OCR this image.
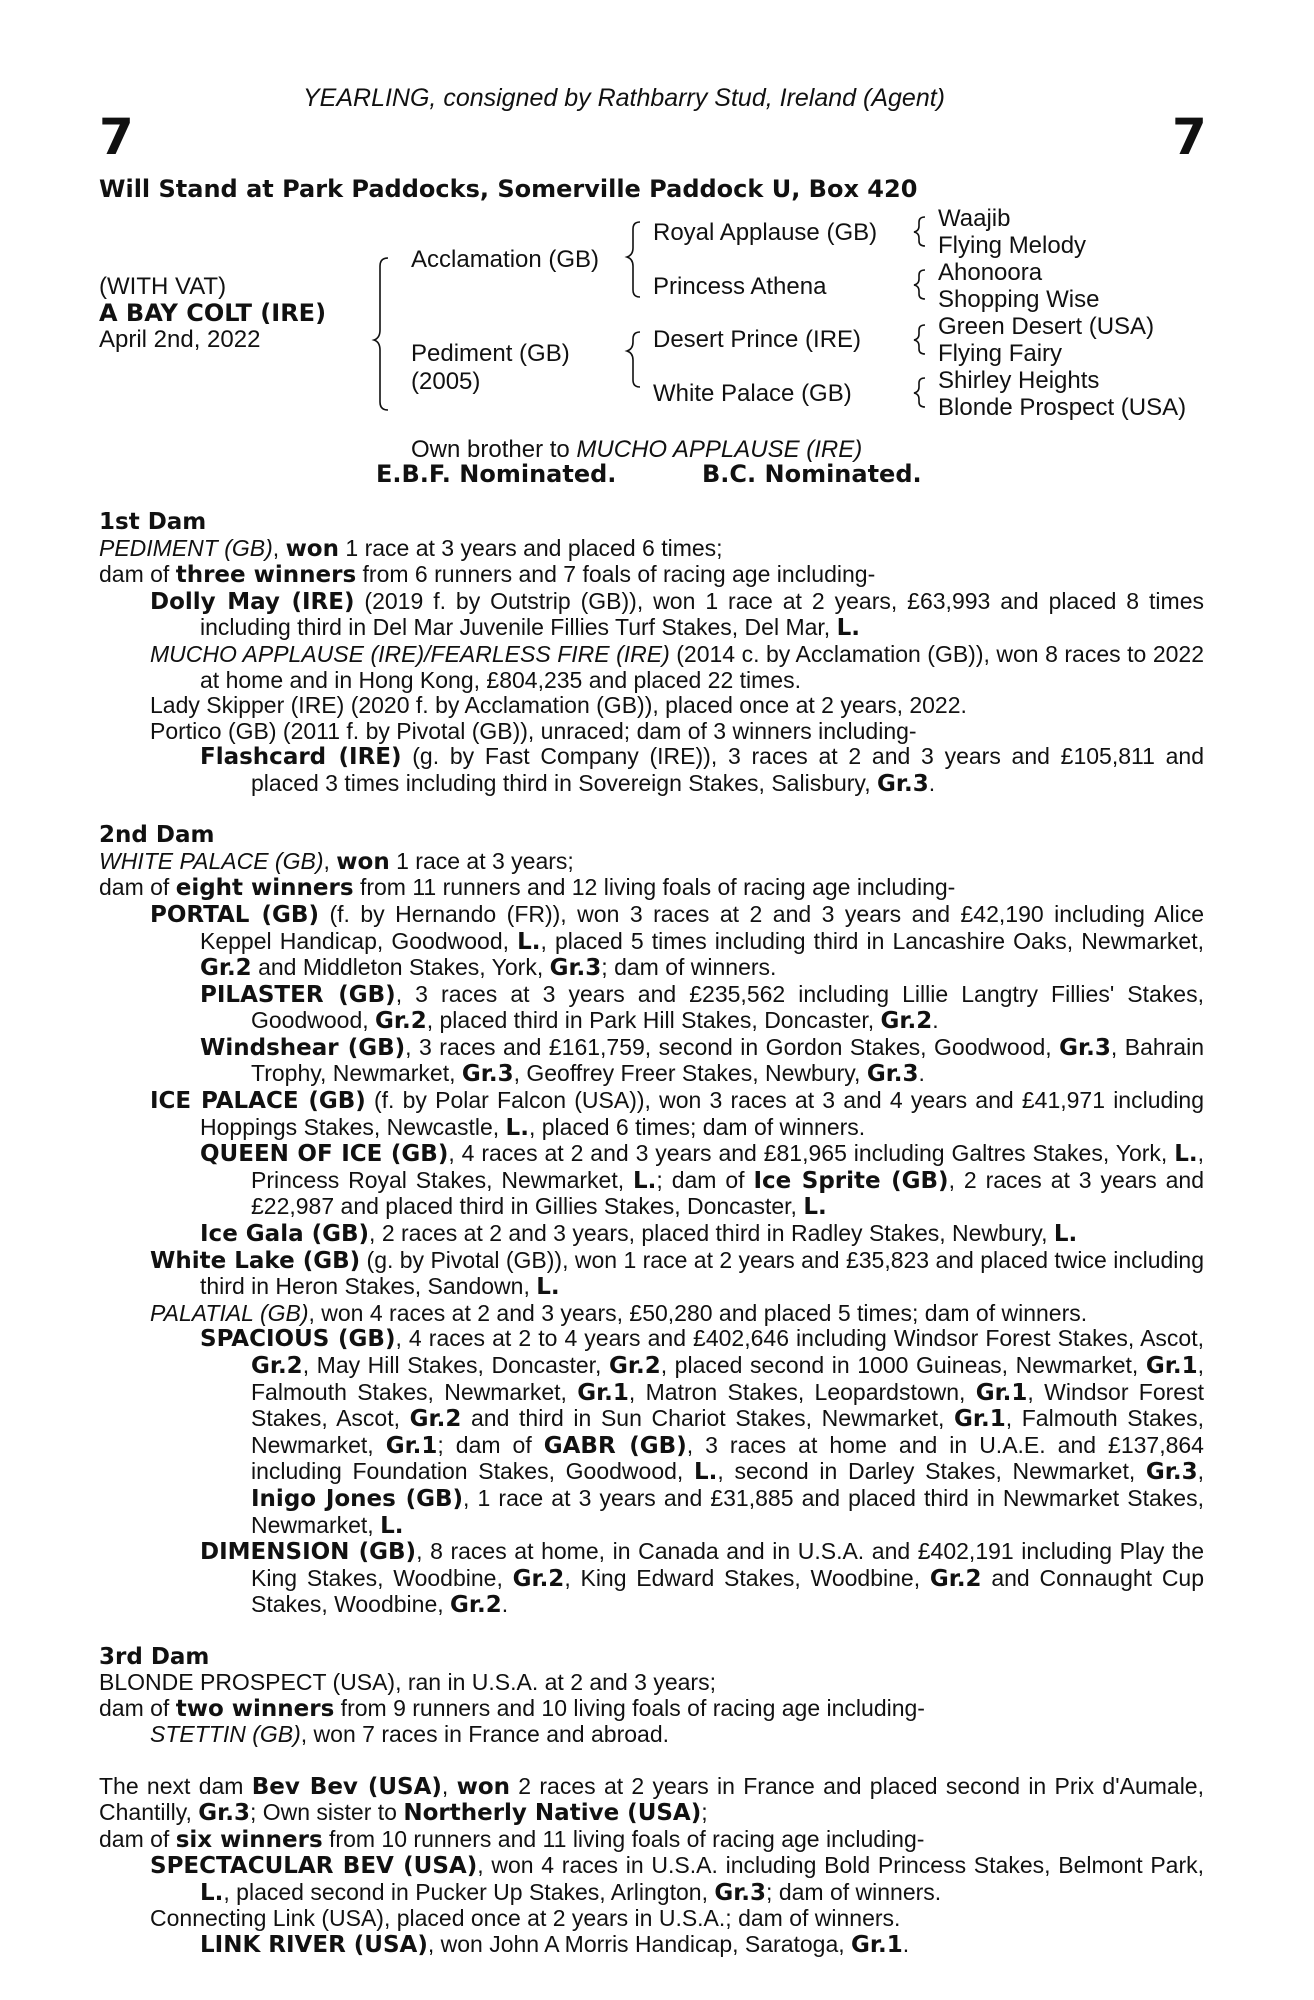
YEARLING, consigned by Rathbarry Stud, Ireland (Agent)
7	7
Will Stand at Park Paddocks, Somerville Paddock U, Box 420
(WITH VAT)
A BAY COLT (IRE)
April 2nd, 2022
Acclamation (GB)
Pediment (GB)
(2005)
Royal Applause (GB)
Princess Athena
Desert Prince (IRE)
White Palace (GB)
Waajib
Flying Melody
Ahonoora
Shopping Wise
Green Desert (USA)
Flying Fairy
Shirley Heights
Blonde Prospect (USA)
Own brother to MUCHO APPLAUSE (IRE)
E.B.F. Nominated.	B.C. Nominated.

1st Dam

PEDIMENT (GB), won 1 race at 3 years and placed 6 times;

dam of three winners from 6 runners and 7 foals of racing age including-

Dolly May (IRE) (2019 f. by Outstrip (GB)), won 1 race at 2 years, £63,993 and placed 8 times including third in Del Mar Juvenile Fillies Turf Stakes, Del Mar, L.

MUCHO APPLAUSE (IRE)/FEARLESS FIRE (IRE) (2014 c. by Acclamation (GB)), won 8 races to 2022 at home and in Hong Kong, £804,235 and placed 22 times.

Lady Skipper (IRE) (2020 f. by Acclamation (GB)), placed once at 2 years, 2022.

Portico (GB) (2011 f. by Pivotal (GB)), unraced; dam of 3 winners including-

Flashcard (IRE) (g. by Fast Company (IRE)), 3 races at 2 and 3 years and £105,811 and placed 3 times including third in Sovereign Stakes, Salisbury, Gr.3.

2nd Dam

WHITE PALACE (GB), won 1 race at 3 years;

dam of eight winners from 11 runners and 12 living foals of racing age including-

PORTAL (GB) (f. by Hernando (FR)), won 3 races at 2 and 3 years and £42,190 including Alice Keppel Handicap, Goodwood, L., placed 5 times including third in Lancashire Oaks, Newmarket, Gr.2 and Middleton Stakes, York, Gr.3; dam of winners.

PILASTER (GB), 3 races at 3 years and £235,562 including Lillie Langtry Fillies' Stakes, Goodwood, Gr.2, placed third in Park Hill Stakes, Doncaster, Gr.2.

Windshear (GB), 3 races and £161,759, second in Gordon Stakes, Goodwood, Gr.3, Bahrain Trophy, Newmarket, Gr.3, Geoffrey Freer Stakes, Newbury, Gr.3.

ICE PALACE (GB) (f. by Polar Falcon (USA)), won 3 races at 3 and 4 years and £41,971 including Hoppings Stakes, Newcastle, L., placed 6 times; dam of winners.

QUEEN OF ICE (GB), 4 races at 2 and 3 years and £81,965 including Galtres Stakes, York, L., Princess Royal Stakes, Newmarket, L.; dam of Ice Sprite (GB), 2 races at 3 years and £22,987 and placed third in Gillies Stakes, Doncaster, L.

Ice Gala (GB), 2 races at 2 and 3 years, placed third in Radley Stakes, Newbury, L.

White Lake (GB) (g. by Pivotal (GB)), won 1 race at 2 years and £35,823 and placed twice including third in Heron Stakes, Sandown, L.

PALATIAL (GB), won 4 races at 2 and 3 years, £50,280 and placed 5 times; dam of winners.

SPACIOUS (GB), 4 races at 2 to 4 years and £402,646 including Windsor Forest Stakes, Ascot, Gr.2, May Hill Stakes, Doncaster, Gr.2, placed second in 1000 Guineas, Newmarket, Gr.1, Falmouth Stakes, Newmarket, Gr.1, Matron Stakes, Leopardstown, Gr.1, Windsor Forest Stakes, Ascot, Gr.2 and third in Sun Chariot Stakes, Newmarket, Gr.1, Falmouth Stakes, Newmarket, Gr.1; dam of GABR (GB), 3 races at home and in U.A.E. and £137,864 including Foundation Stakes, Goodwood, L., second in Darley Stakes, Newmarket, Gr.3, Inigo Jones (GB), 1 race at 3 years and £31,885 and placed third in Newmarket Stakes, Newmarket, L.

DIMENSION (GB), 8 races at home, in Canada and in U.S.A. and £402,191 including Play the King Stakes, Woodbine, Gr.2, King Edward Stakes, Woodbine, Gr.2 and Connaught Cup Stakes, Woodbine, Gr.2.

3rd Dam

BLONDE PROSPECT (USA), ran in U.S.A. at 2 and 3 years;

dam of two winners from 9 runners and 10 living foals of racing age including-

STETTIN (GB), won 7 races in France and abroad.

The next dam Bev Bev (USA), won 2 races at 2 years in France and placed second in Prix d'Aumale, Chantilly, Gr.3; Own sister to Northerly Native (USA);

dam of six winners from 10 runners and 11 living foals of racing age including-

SPECTACULAR BEV (USA), won 4 races in U.S.A. including Bold Princess Stakes, Belmont Park, L., placed second in Pucker Up Stakes, Arlington, Gr.3; dam of winners.

Connecting Link (USA), placed once at 2 years in U.S.A.; dam of winners.

LINK RIVER (USA), won John A Morris Handicap, Saratoga, Gr.1.
